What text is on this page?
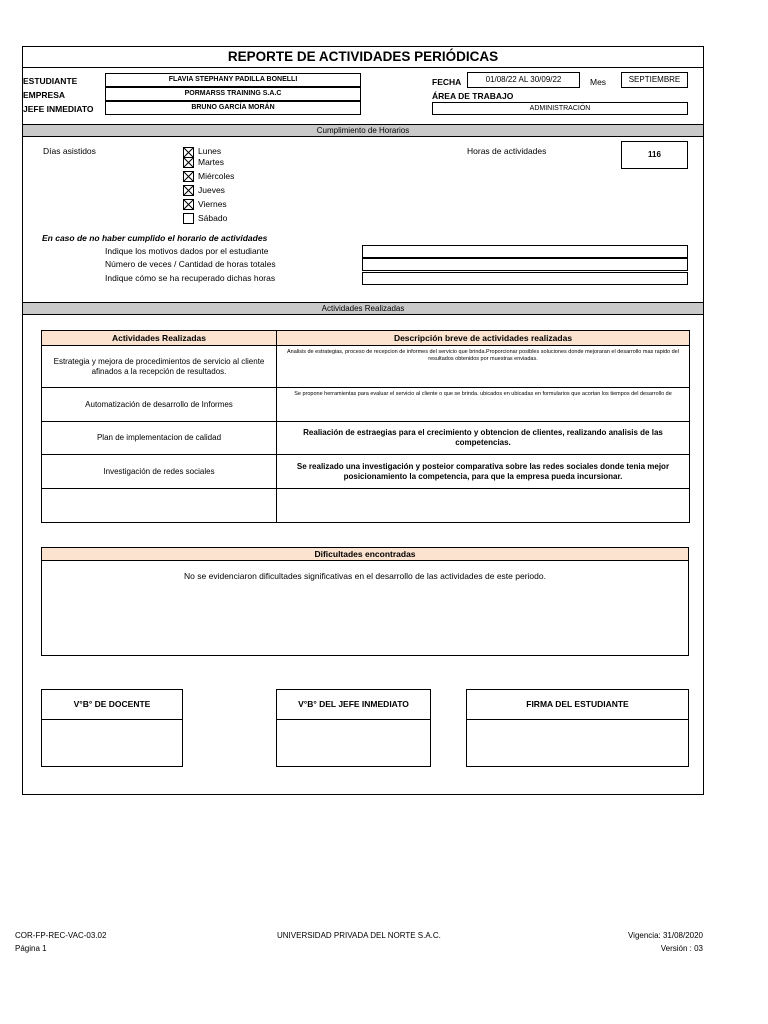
REPORTE DE ACTIVIDADES PERIÓDICAS
ESTUDIANTE	FLAVIA STEPHANY PADILLA BONELLI
EMPRESA	PORMARSS TRAINING S.A.C
JEFE INMEDIATO	BRUNO GARCÍA MORÁN
FECHA	01/08/22 AL 30/09/22	Mes	SEPTIEMBRE
ÁREA DE TRABAJO
ADMINISTRACIÓN
Cumplimiento de Horarios
Días asistidos	Lunes
Martes
Miércoles
Jueves
Viernes
Sábado
Horas de actividades	116
En caso de no haber cumplido el horario de actividades
Indique los motivos dados por el estudiante
Número de veces / Cantidad de horas totales
Indique cómo se ha recuperado dichas horas
Actividades Realizadas
Actividades Realizadas	Descripción breve de actividades realizadas
Estrategia y mejora de procedimientos de servicio al cliente afinados a la recepción de resultados.	Analisis de estrategias, proceso de recepcion de informes del servicio que brinda.Proporcionar posibles soluciones donde mejoraran el desarrollo mas rapido del resultados obtenidos por muestras enviadas.
Automatización de desarrollo de Informes	Se propone herramientas para evaluar el servicio al cliente o que se brinda. ubicados en ubicadas en formularios que acortan los tiempos del desarrollo de
Plan de implementacion de calidad	Realiación de estraegias para el crecimiento y obtencion de clientes, realizando analisis de las competencias.
Investigación de redes sociales	Se realizado una investigación y posteior comparativa sobre las redes sociales donde tenia mejor posicionamiento la competencia, para que la empresa pueda incursionar.

Dificultades encontradas
No se evidenciaron dificultades significativas en el desarrollo de las actividades de este periodo.
V°B° DE DOCENTE	V°B° DEL JEFE INMEDIATO	FIRMA DEL ESTUDIANTE
COR-FP-REC-VAC-03.02
Página 1
UNIVERSIDAD PRIVADA DEL NORTE S.A.C.	Vigencia: 31/08/2020
Versión : 03
